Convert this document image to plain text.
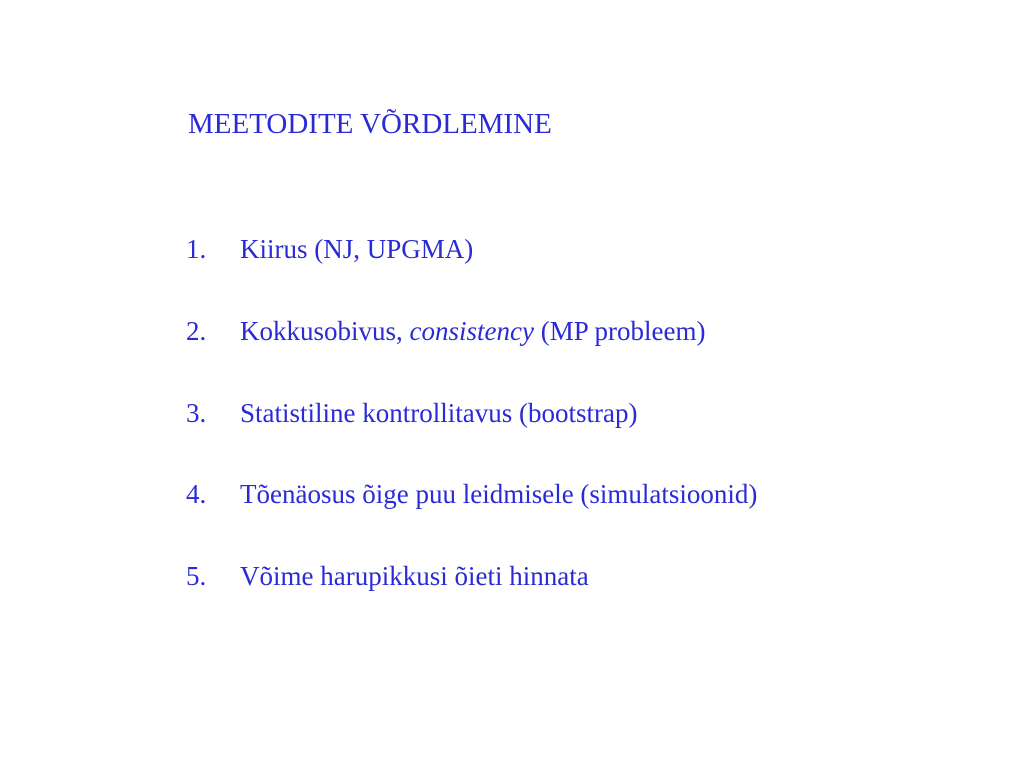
MEETODITE VÕRDLEMINE
1. Kiirus (NJ, UPGMA)
2. Kokkusobivus, consistency (MP probleem)
3. Statistiline kontrollitavus (bootstrap)
4. Tõenäosus õige puu leidmisele (simulatsioonid)
5. Võime harupikkusi õieti hinnata
